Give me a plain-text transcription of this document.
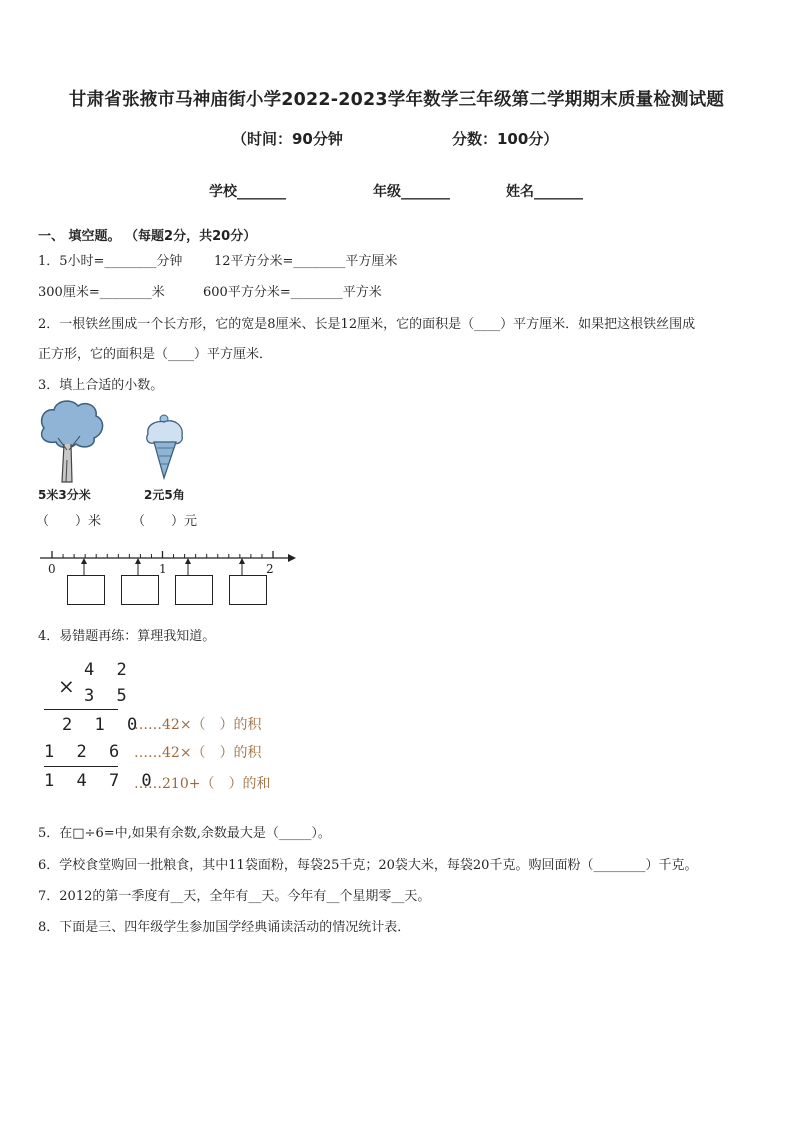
甘肃省张掖市马神庙街小学2022-2023学年数学三年级第二学期期末质量检测试题
（时间：90分钟	分数：100分）
学校_______	年级_______	姓名_______
一、 填空题。 （每题2分，共20分）
1．5小时=________分钟 12平方分米=________平方厘米
300厘米=________米	600平方分米=________平方米
2．一根铁丝围成一个长方形，它的宽是8厘米、长是12厘米，它的面积是（____）平方厘米．如果把这根铁丝围成
正方形，它的面积是（____）平方厘米．
3．填上合适的小数。
5米3分米	2元5角
（　　）米 （　　）元
0	1	2
4．易错题再练：算理我知道。
4 2
× 3 5
2 1 0
1 2 6
1 4 7 0
……42×（　）的积
……42×（　）的积
……210+（　）的和
5．在□÷6=中,如果有余数,余数最大是（_____）。
6．学校食堂购回一批粮食，其中11袋面粉，每袋25千克；20袋大米，每袋20千克。购回面粉（________）千克。
7．2012的第一季度有__天，全年有__天。今年有__个星期零__天。
8．下面是三、四年级学生参加国学经典诵读活动的情况统计表．
